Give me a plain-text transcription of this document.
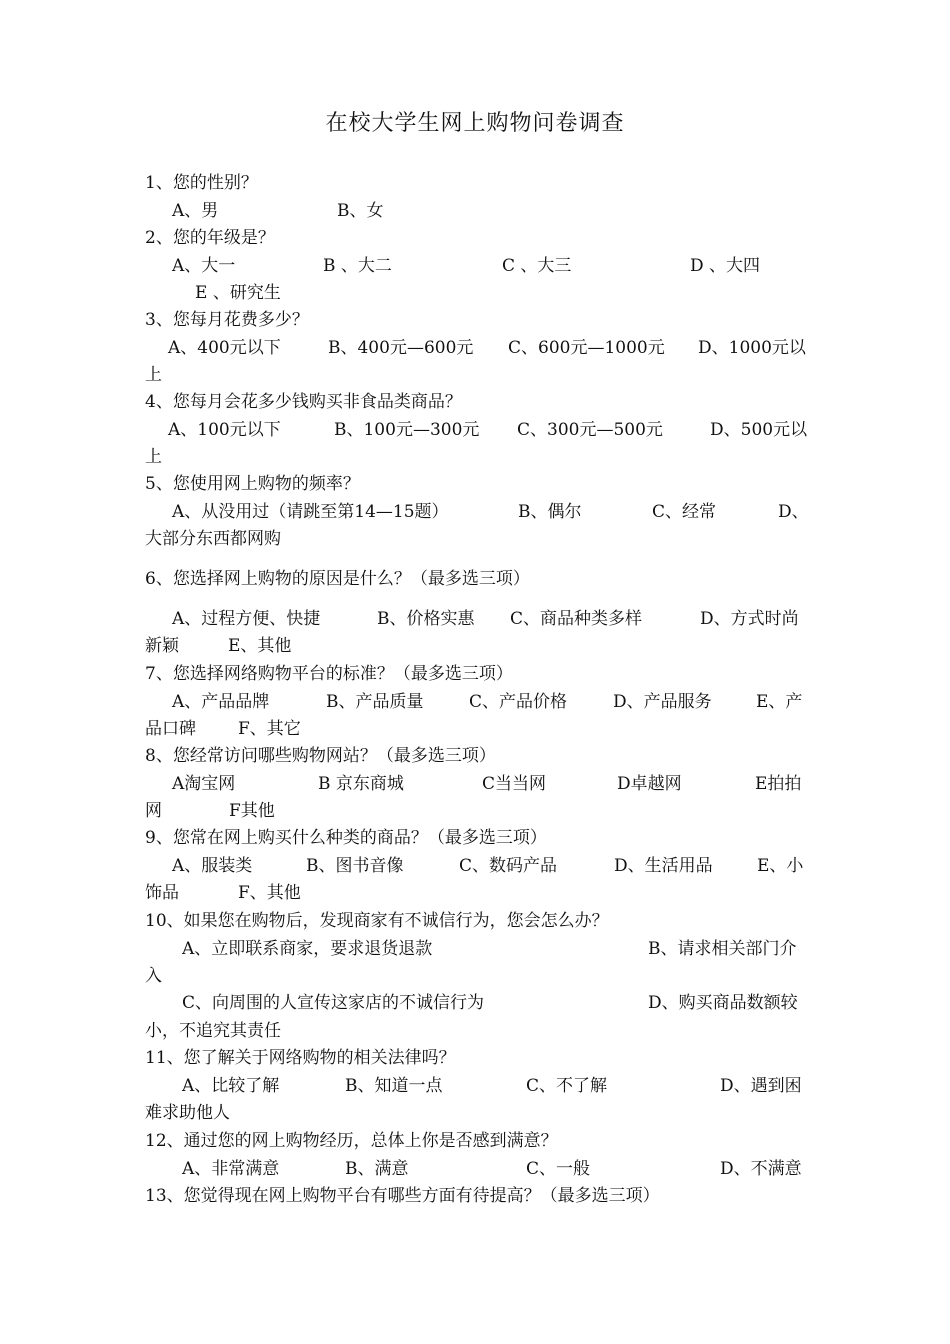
在校大学生网上购物问卷调查
1、您的性别？
A、男	B、女
2、您的年级是？
A、大一	B 、大二	C 、大三	D 、大四
E 、研究生
3、您每月花费多少？
A、400元以下	B、400元—600元 C、600元—1000元 D、1000元以
上
4、您每月会花多少钱购买非食品类商品？
A、100元以下	B、100元—300元 C、300元—500元	D、500元以
上
5、您使用网上购物的频率？
A、从没用过（请跳至第14—15题）	B、偶尔	C、经常	D、
大部分东西都网购
6、您选择网上购物的原因是什么？（最多选三项）
A、过程方便、快捷	B、价格实惠 C、商品种类多样	D、方式时尚
新颖	E、其他
7、您选择网络购物平台的标准？（最多选三项）
A、产品品牌	B、产品质量	C、产品价格	D、产品服务	E、产
品口碑 F、其它
8、您经常访问哪些购物网站？（最多选三项）
A淘宝网	B 京东商城	C当当网	D卓越网	E拍拍
网	F其他
9、您常在网上购买什么种类的商品？（最多选三项）
A、服装类	B、图书音像	C、数码产品	D、生活用品	E、小
饰品	F、其他
10、如果您在购物后，发现商家有不诚信行为，您会怎么办？
A、立即联系商家，要求退货退款	B、请求相关部门介
入
C、向周围的人宣传这家店的不诚信行为	D、购买商品数额较
小，不追究其责任
11、您了解关于网络购物的相关法律吗？
A、比较了解	B、知道一点	C、不了解	D、遇到困
难求助他人
12、通过您的网上购物经历，总体上你是否感到满意？
A、非常满意	B、满意	C、一般	D、不满意
13、您觉得现在网上购物平台有哪些方面有待提高？（最多选三项）
